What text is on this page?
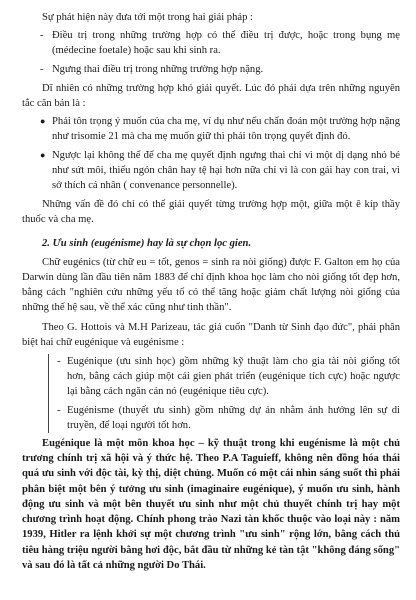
Sự phát hiện này đưa tới một trong hai giải pháp :

- Điều trị trong những trường hợp có thể điều trị được, hoặc trong bụng mẹ (médecine foetale) hoặc sau khi sinh ra.
- Ngưng thai điều trị trong những trường hợp nặng.

Dĩ nhiên có những trường hợp khó giải quyết. Lúc đó phải dựa trên những nguyên tắc căn bản là :

● Phải tôn trọng ý muốn của cha mẹ, ví dụ như nếu chẩn đoán một trường hợp nặng như trisomie 21 mà cha mẹ muốn giữ thì phải tôn trọng quyết định đó.
● Ngược lại không thể để cha mẹ quyết định ngưng thai chỉ vì một dị dạng nhỏ bé như sứt môi, thiếu ngón chân hay tệ hại hơn nữa chỉ vì là con gái hay con trai, vì sở thích cá nhân ( convenance personnelle).

Những vấn đề đó chỉ có thể giải quyết từng trường hợp một, giữa một ê kíp thầy thuốc và cha mẹ.

2. Ưu sinh (eugénisme) hay là sự chọn lọc gien.

Chữ eugénics (từ chữ eu = tốt, genos = sinh ra nòi giống) được F. Galton em họ của Darwin dùng lần đầu tiên năm 1883 để chỉ định khoa học làm cho nòi giống tốt đẹp hơn, bằng cách "nghiên cứu những yếu tố có thể tăng hoặc giảm chất lượng nòi giống của những thế hệ sau, về thể xác cũng như tinh thần".

Theo G. Hottois và M.H Parizeau, tác giả cuốn "Danh từ Sinh đạo đức", phải phân biệt hai chữ eugénique và eugénisme :

- Eugénique (ưu sinh học) gồm những kỹ thuật làm cho gia tài nòi giống tốt hơn, bằng cách giúp một cái gien phát triển (eugénique tích cực) hoặc ngược lại bằng cách ngăn cản nó (eugénique tiêu cực).
- Eugénisme (thuyết ưu sinh) gồm những dự án nhằm ảnh hưởng lên sự di truyền, để loại người tốt hơn.

Eugénique là một môn khoa học – kỹ thuật trong khi eugénisme là một chủ trương chính trị xã hội và ý thức hệ. Theo P.A Taguieff, không nên đồng hóa thái quá ưu sinh với độc tài, kỳ thị, diệt chủng. Muốn có một cái nhìn sáng suốt thì phải phân biệt một bên ý tưởng ưu sinh (imaginaire eugénique), ý muốn ưu sinh, hành động ưu sinh và một bên thuyết ưu sinh như một chủ thuyết chính trị hay một chương trình hoạt động. Chính phong trào Nazi tàn khốc thuộc vào loại này : năm 1939, Hitler ra lệnh khởi sự một chương trình "ưu sinh" rộng lớn, bằng cách thủ tiêu hàng triệu người bằng hơi độc, bắt đầu từ những kẻ tàn tật "không đáng sống" và sau đó là tất cả những người Do Thái.
